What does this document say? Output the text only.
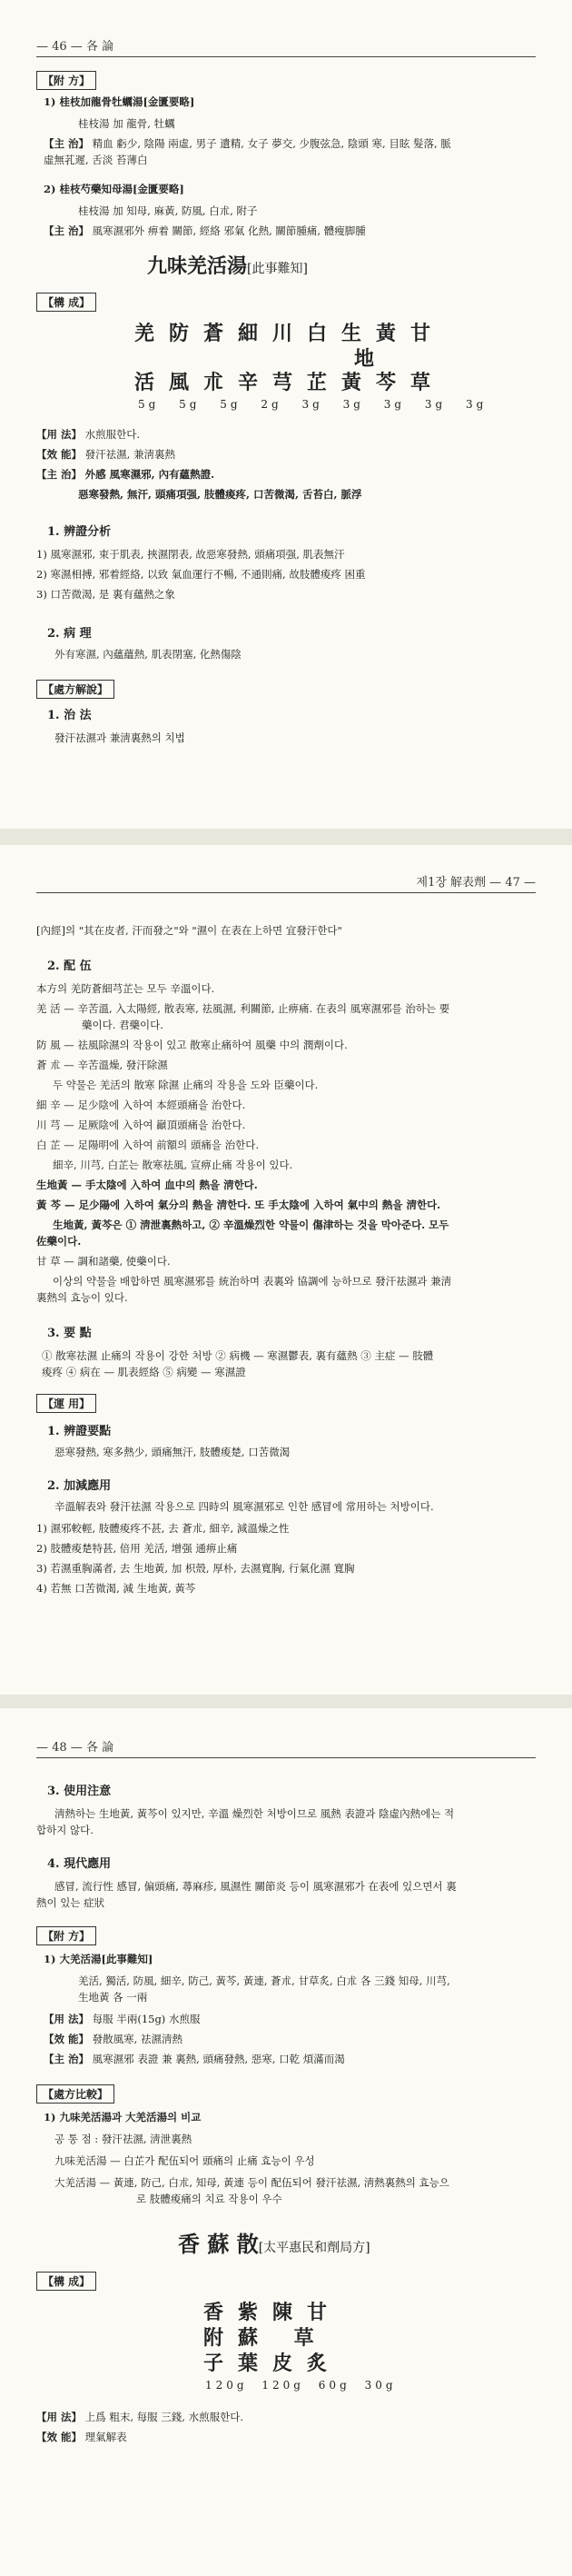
— 46 — 各 論
【附 方】
1) 桂枝加龍骨牡蠣湯[金匱要略]
桂枝湯 加 龍骨, 牡蠣
【主 治】 精血 虧少, 陰陽 兩虛, 男子 遺精, 女子 夢交, 少腹弦急, 陰頭 寒, 目眩 髮落, 脈
虛無芤遲, 舌淡 苔薄白
2) 桂枝芍藥知母湯[金匱要略]
桂枝湯 加 知母, 麻黃, 防風, 白朮, 附子
【主 治】 風寒濕邪外 痹着 關節, 經絡 邪氣 化熱, 關節腫痛, 體瘦脚腫
九味羌活湯[此事難知]
【構 成】
羌防蒼細川白生黃甘
地
活風朮辛芎芷黃芩草
5g 5g 5g 2g 3g 3g 3g 3g 3g
【用 法】 水煎服한다.
【效 能】 發汗祛濕, 兼淸裏熱
【主 治】 外感 風寒濕邪, 內有蘊熱證.
惡寒發熱, 無汗, 頭痛項强, 肢體痠疼, 口苦微渴, 舌苔白, 脈浮
1. 辨證分析
1) 風寒濕邪, 束于肌表, 挾濕閉表, 故惡寒發熱, 頭痛項强, 肌表無汗
2) 寒濕相搏, 邪着經絡, 以致 氣血運行不暢, 不通則痛, 故肢體痠疼 困重
3) 口苦微渴, 是 裏有蘊熱之象
2. 病 理
外有寒濕, 內蘊蘊熱, 肌表閉塞, 化熱傷陰
【處方解說】
1. 治 法
發汗祛濕과 兼淸裏熱의 치법
제1장 解表劑 — 47 —
[內經]의 "其在皮者, 汗而發之"와 "濕이 在表在上하면 宜發汗한다"
2. 配 伍
本方의 羌防蒼細芎芷는 모두 辛溫이다.
羌 活 — 辛苦溫, 入太陽經, 散表寒, 祛風濕, 利關節, 止痹痛. 在表의 風寒濕邪를 治하는 要
藥이다. 君藥이다.
防 風 — 祛風除濕의 작용이 있고 散寒止痛하여 風藥 中의 潤劑이다.
蒼 朮 — 辛苦溫燥, 發汗除濕
두 약물은 羌活의 散寒 除濕 止痛의 작용을 도와 臣藥이다.
細 辛 — 足少陰에 入하여 本經頭痛을 治한다.
川 芎 — 足厥陰에 入하여 巓頂頭痛을 治한다.
白 芷 — 足陽明에 入하여 前額의 頭痛을 治한다.
細辛, 川芎, 白芷는 散寒祛風, 宣痹止痛 작용이 있다.
生地黃 — 手太陰에 入하여 血中의 熱을 淸한다.
黃 芩 — 足少陽에 入하여 氣分의 熱을 淸한다. 또 手太陰에 入하여 氣中의 熱을 淸한다.
生地黃, 黃芩은 ① 淸泄裏熱하고, ② 辛溫燥烈한 약물이 傷津하는 것을 막아준다. 모두
佐藥이다.
甘 草 — 調和諸藥, 使藥이다.
이상의 약물을 배합하면 風寒濕邪를 統治하며 表裏와 協調에 능하므로 發汗祛濕과 兼淸
裏熱의 효능이 있다.
3. 要 點
① 散寒祛濕 止痛의 작용이 강한 처방 ② 病機 — 寒濕鬱表, 裏有蘊熱 ③ 主症 — 肢體
痠疼 ④ 病在 — 肌表經絡 ⑤ 病變 — 寒濕證
【運 用】
1. 辨證要點
惡寒發熱, 寒多熱少, 頭痛無汗, 肢體痠楚, 口苦微渴
2. 加減應用
辛溫解表와 發汗祛濕 작용으로 四時의 風寒濕邪로 인한 感冒에 常用하는 처방이다.
1) 濕邪較輕, 肢體痠疼不甚, 去 蒼朮, 細辛, 減溫燥之性
2) 肢體痠楚特甚, 倍用 羌活, 增强 通痹止痛
3) 若濕重胸滿者, 去 生地黃, 加 枳殼, 厚朴, 去濕寬胸, 行氣化濕 寬胸
4) 若無 口苦微渴, 減 生地黃, 黃芩
— 48 — 各 論
3. 使用注意
淸熱하는 生地黃, 黃芩이 있지만, 辛溫 燥烈한 처방이므로 風熱 表證과 陰虛內熱에는 적
합하지 않다.
4. 現代應用
感冒, 流行性 感冒, 偏頭痛, 蕁麻疹, 風濕性 關節炎 등이 風寒濕邪가 在表에 있으면서 裏
熱이 있는 症狀
【附 方】
1) 大羌活湯[此事難知]
羌活, 獨活, 防風, 細辛, 防己, 黃芩, 黃連, 蒼朮, 甘草炙, 白朮 各 三錢 知母, 川芎,
生地黃 各 一兩
【用 法】 每服 半兩(15g) 水煎服
【效 能】 發散風寒, 祛濕淸熱
【主 治】 風寒濕邪 表證 兼 裏熱, 頭痛發熱, 惡寒, 口乾 煩滿而渴
【處方比較】
1) 九味羌活湯과 大羌活湯의 비교
공 통 점 : 發汗祛濕, 淸泄裏熱
九味羌活湯 — 白芷가 配伍되어 頭痛의 止痛 효능이 우성
大羌活湯 — 黃連, 防己, 白朮, 知母, 黃連 등이 配伍되어 發汗祛濕, 淸熱裏熱의 효능으
로 肢體痠痛의 치료 작용이 우수
香 蘇 散[太平惠民和劑局方]
【構 成】
香紫陳甘
附蘇 草
子葉皮炙
120g 120g 60g 30g
【用 法】 上爲 粗末, 每服 三錢, 水煎服한다.
【效 能】 理氣解表
